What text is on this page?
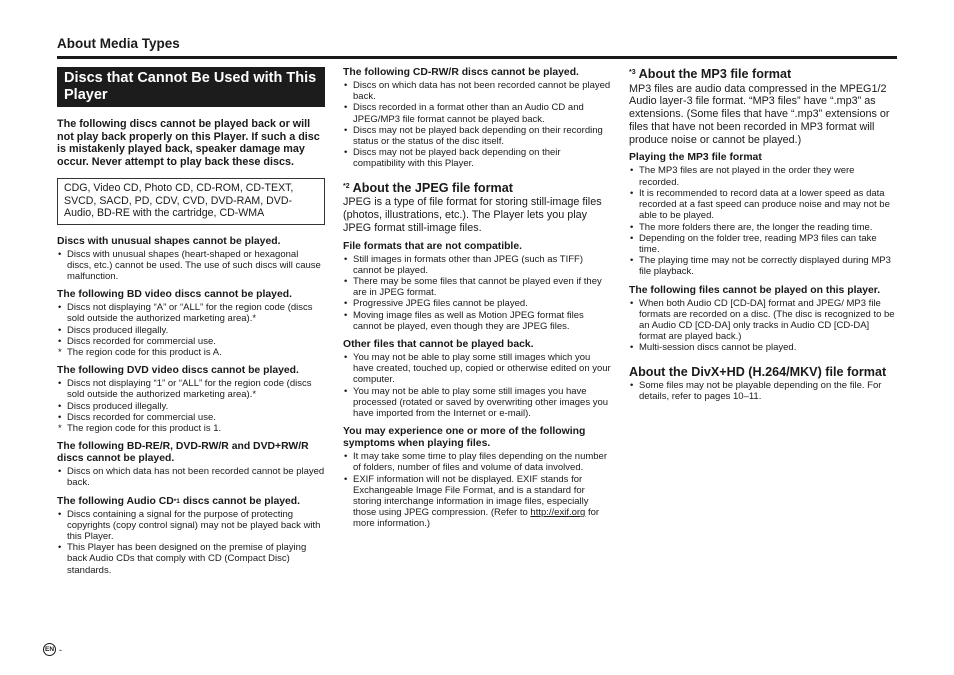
About Media Types
Discs that Cannot Be Used with This Player
The following discs cannot be played back or will not play back properly on this Player. If such a disc is mistakenly played back, speaker damage may occur. Never attempt to play back these discs.
CDG, Video CD, Photo CD, CD-ROM, CD-TEXT, SVCD, SACD, PD, CDV, CVD, DVD-RAM, DVD-Audio, BD-RE with the cartridge, CD-WMA
Discs with unusual shapes cannot be played.
• Discs with unusual shapes (heart-shaped or hexagonal discs, etc.) cannot be used. The use of such discs will cause malfunction.
The following BD video discs cannot be played.
• Discs not displaying “A” or “ALL” for the region code (discs sold outside the authorized marketing area).*
• Discs produced illegally.
• Discs recorded for commercial use.
* The region code for this product is A.
The following DVD video discs cannot be played.
• Discs not displaying “1” or “ALL” for the region code (discs sold outside the authorized marketing area).*
• Discs produced illegally.
• Discs recorded for commercial use.
* The region code for this product is 1.
The following BD-RE/R, DVD-RW/R and DVD+RW/R discs cannot be played.
• Discs on which data has not been recorded cannot be played back.
The following Audio CD$^{*1}$ discs cannot be played.
• Discs containing a signal for the purpose of protecting copyrights (copy control signal) may not be played back with this Player.
• This Player has been designed on the premise of playing back Audio CDs that comply with CD (Compact Disc) standards.
The following CD-RW/R discs cannot be played.
• Discs on which data has not been recorded cannot be played back.
• Discs recorded in a format other than an Audio CD and JPEG/MP3 file format cannot be played back.
• Discs may not be played back depending on their recording status or the status of the disc itself.
• Discs may not be played back depending on their compatibility with this Player.
$^{*2}$ About the JPEG file format
JPEG is a type of file format for storing still-image files (photos, illustrations, etc.). The Player lets you play JPEG format still-image files.
File formats that are not compatible.
• Still images in formats other than JPEG (such as TIFF) cannot be played.
• There may be some files that cannot be played even if they are in JPEG format.
• Progressive JPEG files cannot be played.
• Moving image files as well as Motion JPEG format files cannot be played, even though they are JPEG files.
Other files that cannot be played back.
• You may not be able to play some still images which you have created, touched up, copied or otherwise edited on your computer.
• You may not be able to play some still images you have processed (rotated or saved by overwriting other images you have imported from the Internet or e-mail).
You may experience one or more of the following symptoms when playing files.
• It may take some time to play files depending on the number of folders, number of files and volume of data involved.
• EXIF information will not be displayed. EXIF stands for Exchangeable Image File Format, and is a standard for storing interchange information in image files, especially those using JPEG compression. (Refer to http://exif.org for more information.)
$^{*3}$ About the MP3 file format
MP3 files are audio data compressed in the MPEG1/2 Audio layer-3 file format. “MP3 files” have “.mp3” as extensions. (Some files that have “.mp3” extensions or files that have not been recorded in MP3 format will produce noise or cannot be played.)
Playing the MP3 file format
• The MP3 files are not played in the order they were recorded.
• It is recommended to record data at a lower speed as data recorded at a fast speed can produce noise and may not be able to be played.
• The more folders there are, the longer the reading time.
• Depending on the folder tree, reading MP3 files can take time.
• The playing time may not be correctly displayed during MP3 file playback.
The following files cannot be played on this player.
• When both Audio CD [CD-DA] format and JPEG/ MP3 file formats are recorded on a disc. (The disc is recognized to be an Audio CD [CD-DA] only tracks in Audio CD [CD-DA] format are played back.)
• Multi-session discs cannot be played.
About the DivX+HD (H.264/MKV) file format
• Some files may not be playable depending on the file. For details, refer to pages 10–11.
EN -
